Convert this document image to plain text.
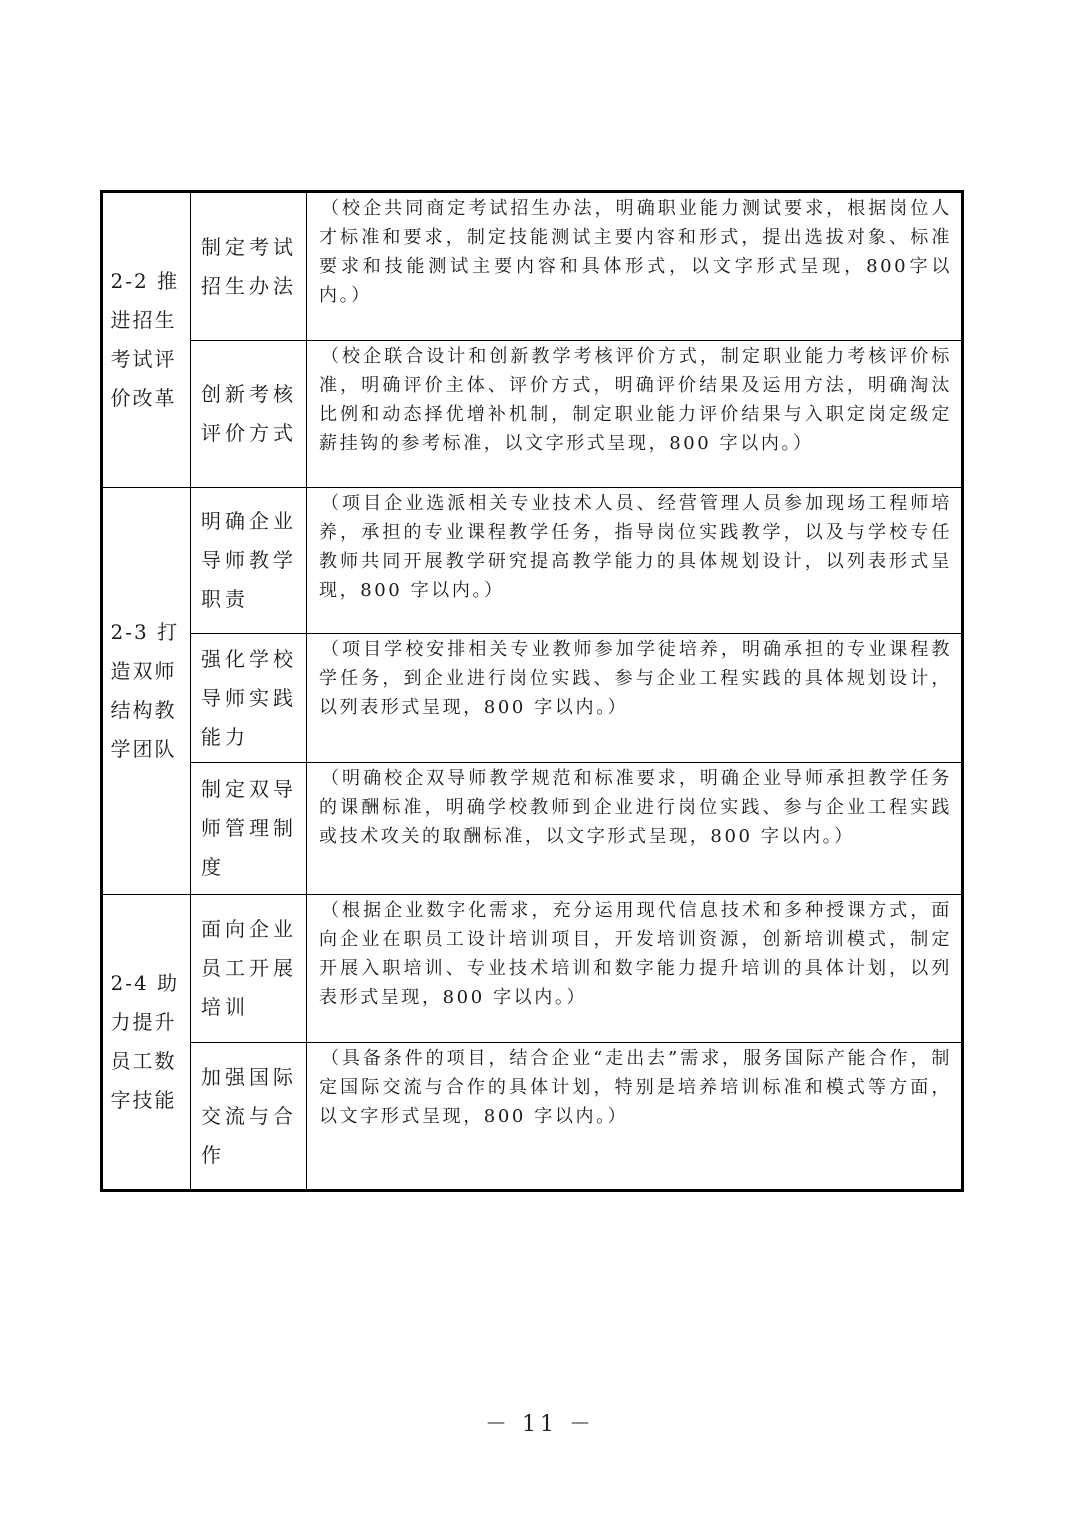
2-2 推进招生考试评价改革	制定考试招生办法	（校企共同商定考试招生办法，明确职业能力测试要求，根据岗位人才标准和要求，制定技能测试主要内容和形式，提出选拔对象、标准要求和技能测试主要内容和具体形式，以文字形式呈现，800字以内。）

	创新考核评价方式	（校企联合设计和创新教学考核评价方式，制定职业能力考核评价标准，明确评价主体、评价方式，明确评价结果及运用方法，明确淘汰比例和动态择优增补机制，制定职业能力评价结果与入职定岗定级定薪挂钩的参考标准，以文字形式呈现，800 字以内。）

2-3 打造双师结构教学团队	明确企业导师教学职责	（项目企业选派相关专业技术人员、经营管理人员参加现场工程师培养，承担的专业课程教学任务，指导岗位实践教学，以及与学校专任教师共同开展教学研究提高教学能力的具体规划设计，以列表形式呈现，800 字以内。）

	强化学校导师实践能力	（项目学校安排相关专业教师参加学徒培养，明确承担的专业课程教学任务，到企业进行岗位实践、参与企业工程实践的具体规划设计，以列表形式呈现，800 字以内。）

	制定双导师管理制度	（明确校企双导师教学规范和标准要求，明确企业导师承担教学任务的课酬标准，明确学校教师到企业进行岗位实践、参与企业工程实践或技术攻关的取酬标准，以文字形式呈现，800 字以内。）

2-4 助力提升员工数字技能	面向企业员工开展培训	（根据企业数字化需求，充分运用现代信息技术和多种授课方式，面向企业在职员工设计培训项目，开发培训资源，创新培训模式，制定开展入职培训、专业技术培训和数字能力提升培训的具体计划，以列表形式呈现，800 字以内。）

	加强国际交流与合作	（具备条件的项目，结合企业“走出去”需求，服务国际产能合作，制定国际交流与合作的具体计划，特别是培养培训标准和模式等方面，以文字形式呈现，800 字以内。）
－ 11 －
